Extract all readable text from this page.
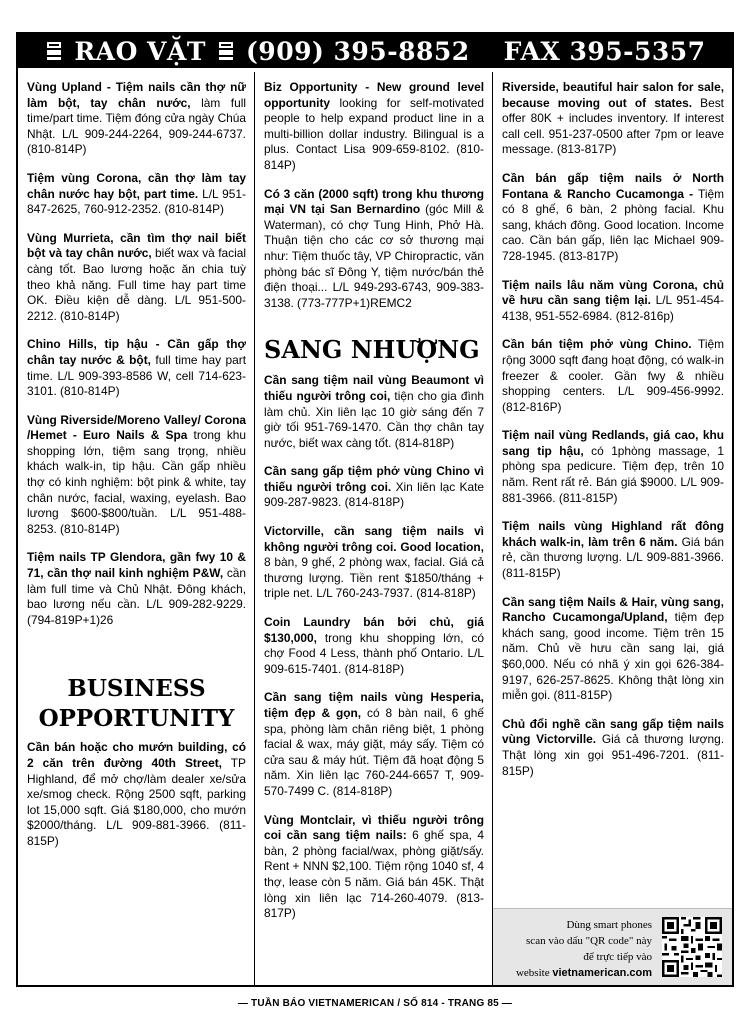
RAO VẶT (909) 395-8852 FAX 395-5357

Vùng Upland - Tiệm nails cần thợ nữ làm bột, tay chân nước, làm full time/part time. Tiệm đóng cửa ngày Chúa Nhật. L/L 909-244-2264, 909-244-6737. (810-814P)

Tiệm vùng Corona, cần thợ làm tay chân nước hay bột, part time. L/L 951-847-2625, 760-912-2352. (810-814P)

Vùng Murrieta, cần tìm thợ nail biết bột và tay chân nước, biết wax và facial càng tốt. Bao lương hoặc ăn chia tuỳ theo khả năng. Full time hay part time OK. Điều kiện dễ dàng. L/L 951-500-2212. (810-814P)

Chino Hills, tip hậu - Cần gấp thợ chân tay nước & bột, full time hay part time. L/L 909-393-8586 W, cell 714-623-3101. (810-814P)

Vùng Riverside/Moreno Valley/ Corona /Hemet - Euro Nails & Spa trong khu shopping lớn, tiệm sang trọng, nhiều khách walk-in, tip hậu. Cần gấp nhiều thợ có kinh nghiệm: bột pink & white, tay chân nước, facial, waxing, eyelash. Bao lương $600-$800/tuần. L/L 951-488-8253. (810-814P)

Tiệm nails TP Glendora, gần fwy 10 & 71, cần thợ nail kinh nghiệm P&W, cần làm full time và Chủ Nhật. Đông khách, bao lương nếu cần. L/L 909-282-9229. (794-819P+1)26

BUSINESS OPPORTUNITY

Cần bán hoặc cho mướn building, có 2 căn trên đường 40th Street, TP Highland, để mở chợ/làm dealer xe/sửa xe/smog check. Rộng 2500 sqft, parking lot 15,000 sqft. Giá $180,000, cho mướn $2000/tháng. L/L 909-881-3966. (811-815P)

Biz Opportunity - New ground level opportunity looking for self-motivated people to help expand product line in a multi-billion dollar industry. Bilingual is a plus. Contact Lisa 909-659-8102. (810-814P)

Có 3 căn (2000 sqft) trong khu thương mại VN tại San Bernardino (góc Mill & Waterman), có chợ Tung Hinh, Phở Hà. Thuận tiện cho các cơ sở thương mại như: Tiệm thuốc tây, VP Chiropractic, văn phòng bác sĩ Đông Y, tiệm nước/bán thẻ điện thoại... L/L 949-293-6743, 909-383-3138. (773-777P+1)REMC2

SANG NHƯỢNG

Cần sang tiệm nail vùng Beaumont vì thiếu người trông coi, tiện cho gia đình làm chủ. Xin liên lạc 10 giờ sáng đến 7 giờ tối 951-769-1470. Cần thợ chân tay nước, biết wax càng tốt. (814-818P)

Cần sang gấp tiệm phở vùng Chino vì thiếu người trông coi. Xin liên lạc Kate 909-287-9823. (814-818P)

Victorville, cần sang tiệm nails vì không người trông coi. Good location, 8 bàn, 9 ghế, 2 phòng wax, facial. Giá cả thương lượng. Tiền rent $1850/tháng + triple net. L/L 760-243-7937. (814-818P)

Coin Laundry bán bởi chủ, giá $130,000, trong khu shopping lớn, có chợ Food 4 Less, thành phố Ontario. L/L 909-615-7401. (814-818P)

Cần sang tiệm nails vùng Hesperia, tiệm đẹp & gọn, có 8 bàn nail, 6 ghế spa, phòng làm chân riêng biệt, 1 phòng facial & wax, máy giặt, máy sấy. Tiệm có cửa sau & máy hút. Tiệm đã hoạt động 5 năm. Xin liên lạc 760-244-6657 T, 909-570-7499 C. (814-818P)

Vùng Montclair, vì thiếu người trông coi cần sang tiệm nails: 6 ghế spa, 4 bàn, 2 phòng facial/wax, phòng giặt/sấy. Rent + NNN $2,100. Tiệm rộng 1040 sf, 4 thợ, lease còn 5 năm. Giá bán 45K. Thật lòng xin liên lạc 714-260-4079. (813-817P)

Riverside, beautiful hair salon for sale, because moving out of states. Best offer 80K + includes inventory. If interest call cell. 951-237-0500 after 7pm or leave message. (813-817P)

Cần bán gấp tiệm nails ở North Fontana & Rancho Cucamonga - Tiệm có 8 ghế, 6 bàn, 2 phòng facial. Khu sang, khách đông. Good location. Income cao. Cần bán gấp, liên lạc Michael 909-728-1945. (813-817P)

Tiệm nails lâu năm vùng Corona, chủ về hưu cần sang tiệm lại. L/L 951-454-4138, 951-552-6984. (812-816p)

Cần bán tiệm phở vùng Chino. Tiệm rộng 3000 sqft đang hoạt động, có walk-in freezer & cooler. Gần fwy & nhiều shopping centers. L/L 909-456-9992. (812-816P)

Tiệm nail vùng Redlands, giá cao, khu sang tip hậu, có 1phòng massage, 1 phòng spa pedicure. Tiệm đẹp, trên 10 năm. Rent rất rẻ. Bán giá $9000. L/L 909-881-3966. (811-815P)

Tiệm nails vùng Highland rất đông khách walk-in, làm trên 6 năm. Giá bán rẻ, cần thương lượng. L/L 909-881-3966. (811-815P)

Cần sang tiệm Nails & Hair, vùng sang, Rancho Cucamonga/Upland, tiệm đẹp khách sang, good income. Tiệm trên 15 năm. Chủ về hưu cần sang lại, giá $60,000. Nếu có nhã ý xin gọi 626-384-9197, 626-257-8625. Không thật lòng xin miễn gọi. (811-815P)

Chủ đổi nghề cần sang gấp tiệm nails vùng Victorville. Giá cả thương lượng. Thật lòng xin gọi 951-496-7201. (811-815P)

Dùng smart phones
scan vào dấu "QR code" này
để trực tiếp vào
website vietnamerican.com
— TUẦN BÁO VIETNAMERICAN / SỐ 814 - TRANG 85 —
